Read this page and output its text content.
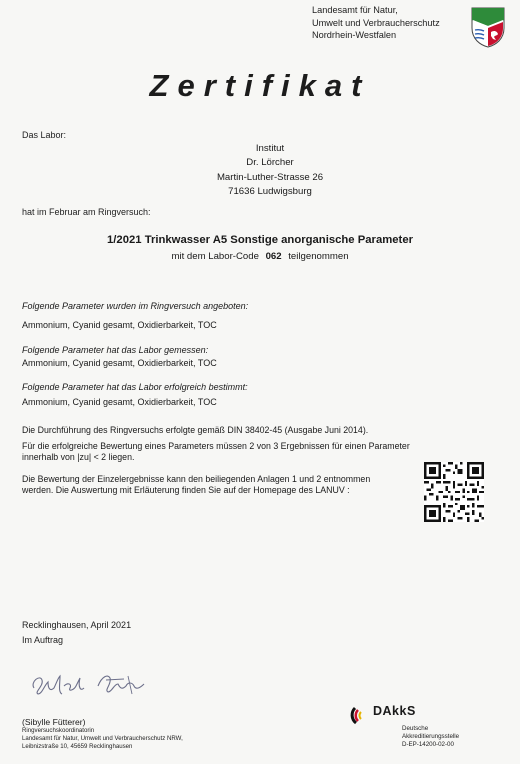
Landesamt für Natur,
Umwelt und Verbraucherschutz
Nordrhein-Westfalen
Zertifikat
Das Labor:
Institut
Dr. Lörcher
Martin-Luther-Strasse 26
71636 Ludwigsburg
hat im Februar am Ringversuch:
1/2021 Trinkwasser A5 Sonstige anorganische Parameter
mit dem Labor-Code 062 teilgenommen
Folgende Parameter wurden im Ringversuch angeboten:
Ammonium, Cyanid gesamt, Oxidierbarkeit, TOC
Folgende Parameter hat das Labor gemessen:
Ammonium, Cyanid gesamt, Oxidierbarkeit, TOC
Folgende Parameter hat das Labor erfolgreich bestimmt:
Ammonium, Cyanid gesamt, Oxidierbarkeit, TOC
Die Durchführung des Ringversuchs erfolgte gemäß DIN 38402-45 (Ausgabe Juni 2014).
Für die erfolgreiche Bewertung eines Parameters müssen 2 von 3 Ergebnissen für einen Parameter
innerhalb von |zu| < 2 liegen.
Die Bewertung der Einzelergebnisse kann den beiliegenden Anlagen 1 und 2 entnommen
werden. Die Auswertung mit Erläuterung finden Sie auf der Homepage des LANUV :
Recklinghausen, April 2021
Im Auftrag
(Sibylle Fütterer)
Ringversuchskoordinatorin
Landesamt für Natur, Umwelt und Verbraucherschutz NRW,
Leibnizstraße 10, 45659 Recklinghausen
DAkkS
Deutsche
Akkreditierungsstelle
D-EP-14200-02-00
